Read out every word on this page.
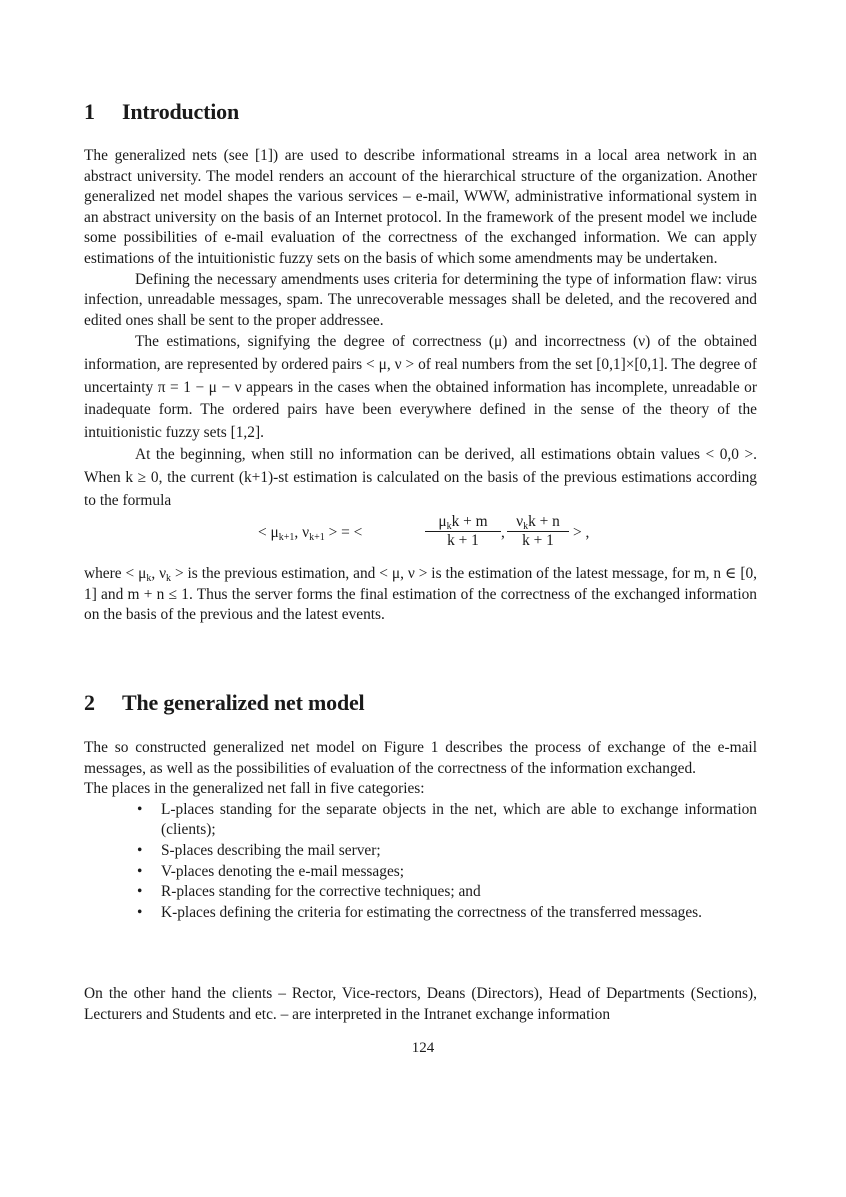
1 Introduction

The generalized nets (see [1]) are used to describe informational streams in a local area network in an abstract university. The model renders an account of the hierarchical structure of the organization. Another generalized net model shapes the various services – e-mail, WWW, administrative informational system in an abstract university on the basis of an Internet protocol. In the framework of the present model we include some possibilities of e-mail evaluation of the correctness of the exchanged information. We can apply estimations of the intuitionistic fuzzy sets on the basis of which some amendments may be undertaken.

Defining the necessary amendments uses criteria for determining the type of information flaw: virus infection, unreadable messages, spam. The unrecoverable messages shall be deleted, and the recovered and edited ones shall be sent to the proper addressee.

The estimations, signifying the degree of correctness (μ) and incorrectness (ν) of the obtained information, are represented by ordered pairs < μ, ν > of real numbers from the set [0,1]×[0,1]. The degree of uncertainty π = 1 − μ − ν appears in the cases when the obtained information has incomplete, unreadable or inadequate form. The ordered pairs have been everywhere defined in the sense of the theory of the intuitionistic fuzzy sets [1,2].

At the beginning, when still no information can be derived, all estimations obtain values < 0,0 >. When k ≥ 0, the current (k+1)-st estimation is calculated on the basis of the previous estimations according to the formula

< $\mu_{k+1}$, $\nu_{k+1}$ > = <
$\mu_kk + m$
k + 1	,
$\nu_kk + n$
k + 1	> ,

where < $\mu_k$, $\nu_k$ > is the previous estimation, and < μ, ν > is the estimation of the latest message, for m, n ∈ [0, 1] and m + n ≤ 1. Thus the server forms the final estimation of the correctness of the exchanged information on the basis of the previous and the latest events.

2 The generalized net model

The so constructed generalized net model on Figure 1 describes the process of exchange of the e-mail messages, as well as the possibilities of evaluation of the correctness of the information exchanged.

The places in the generalized net fall in five categories:

• L-places standing for the separate objects in the net, which are able to exchange information (clients);
• S-places describing the mail server;
• V-places denoting the e-mail messages;
• R-places standing for the corrective techniques; and
• K-places defining the criteria for estimating the correctness of the transferred messages.

On the other hand the clients – Rector, Vice-rectors, Deans (Directors), Head of Departments (Sections), Lecturers and Students and etc. – are interpreted in the Intranet exchange information

124
